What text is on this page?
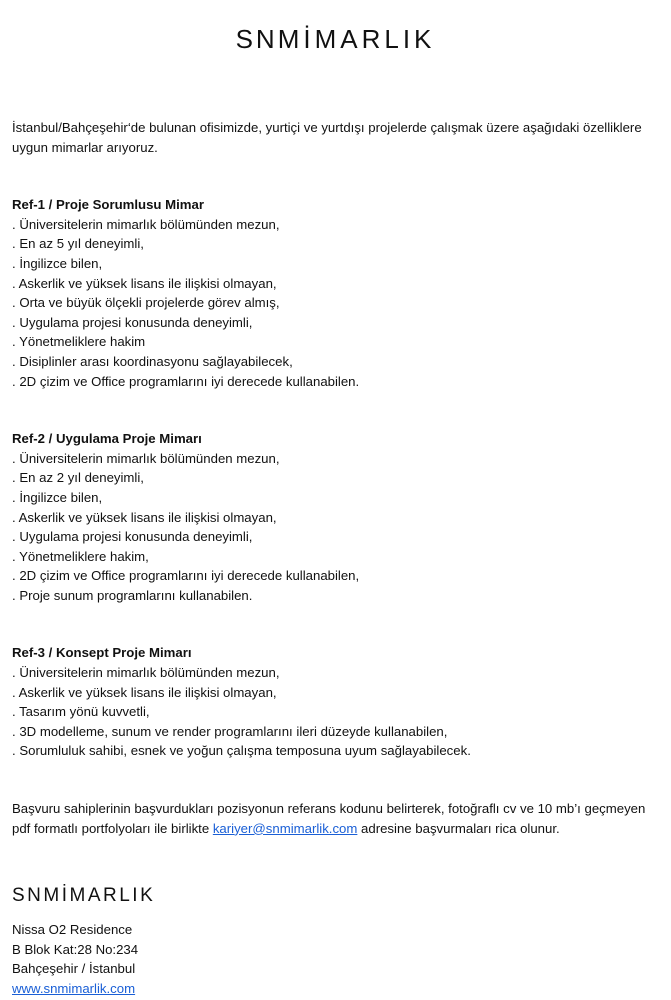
SNMİMARLIK

İstanbul/Bahçeşehir‘de bulunan ofisimizde, yurtiçi ve yurtdışı projelerde çalışmak üzere aşağıdaki özelliklere uygun mimarlar arıyoruz.

Ref-1 / Proje Sorumlusu Mimar

. Üniversitelerin mimarlık bölümünden mezun,

. En az 5 yıl deneyimli,

. İngilizce bilen,

. Askerlik ve yüksek lisans ile ilişkisi olmayan,

. Orta ve büyük ölçekli projelerde görev almış,

. Uygulama projesi konusunda deneyimli,

. Yönetmeliklere hakim

. Disiplinler arası koordinasyonu sağlayabilecek,

. 2D çizim ve Office programlarını iyi derecede kullanabilen.

Ref-2 / Uygulama Proje Mimarı

. Üniversitelerin mimarlık bölümünden mezun,

. En az 2 yıl deneyimli,

. İngilizce bilen,

. Askerlik ve yüksek lisans ile ilişkisi olmayan,

. Uygulama projesi konusunda deneyimli,

. Yönetmeliklere hakim,

. 2D çizim ve Office programlarını iyi derecede kullanabilen,

. Proje sunum programlarını kullanabilen.

Ref-3 / Konsept Proje Mimarı

. Üniversitelerin mimarlık bölümünden mezun,

. Askerlik ve yüksek lisans ile ilişkisi olmayan,

. Tasarım yönü kuvvetli,

. 3D modelleme, sunum ve render programlarını ileri düzeyde kullanabilen,

. Sorumluluk sahibi, esnek ve yoğun çalışma temposuna uyum sağlayabilecek.

Başvuru sahiplerinin başvurdukları pozisyonun referans kodunu belirterek, fotoğraflı cv ve 10 mb’ı geçmeyen pdf formatlı portfolyoları ile birlikte kariyer@snmimarlik.com adresine başvurmaları rica olunur.

SNMİMARLIK
Nissa O2 Residence
B Blok Kat:28 No:234
Bahçeşehir / İstanbul
www.snmimarlik.com
